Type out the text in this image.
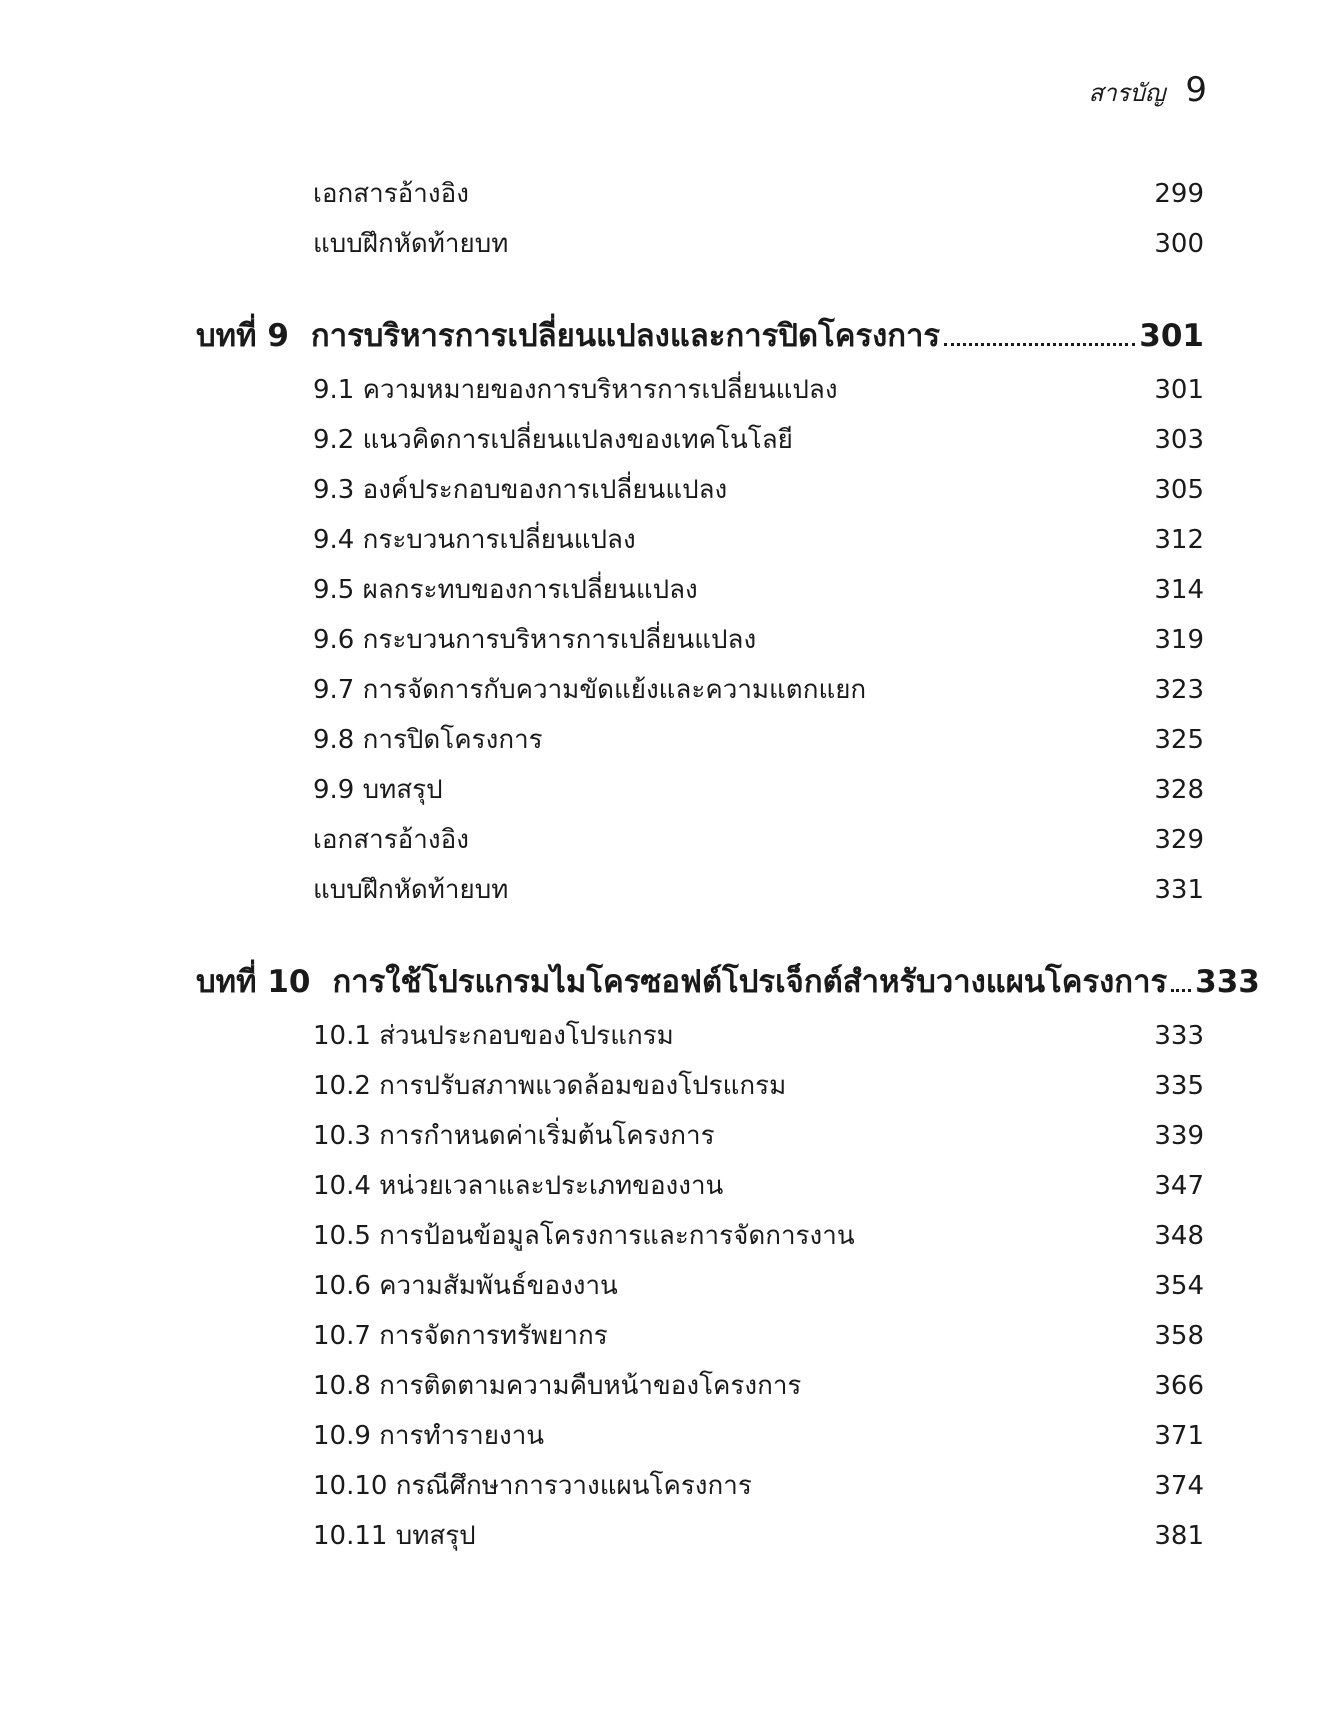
สารบัญ 9
เอกสารอ้างอิง	299
แบบฝึกหัดท้ายบท	300
บทที่ 9 การบริหารการเปลี่ยนแปลงและการปิดโครงการ	301
9.1 ความหมายของการบริหารการเปลี่ยนแปลง	301
9.2 แนวคิดการเปลี่ยนแปลงของเทคโนโลยี	303
9.3 องค์ประกอบของการเปลี่ยนแปลง	305
9.4 กระบวนการเปลี่ยนแปลง	312
9.5 ผลกระทบของการเปลี่ยนแปลง	314
9.6 กระบวนการบริหารการเปลี่ยนแปลง	319
9.7 การจัดการกับความขัดแย้งและความแตกแยก	323
9.8 การปิดโครงการ	325
9.9 บทสรุป	328
เอกสารอ้างอิง	329
แบบฝึกหัดท้ายบท	331
บทที่ 10 การใช้โปรแกรมไมโครซอฟต์โปรเจ็กต์สำหรับวางแผนโครงการ 333
10.1 ส่วนประกอบของโปรแกรม	333
10.2 การปรับสภาพแวดล้อมของโปรแกรม	335
10.3 การกำหนดค่าเริ่มต้นโครงการ	339
10.4 หน่วยเวลาและประเภทของงาน	347
10.5 การป้อนข้อมูลโครงการและการจัดการงาน	348
10.6 ความสัมพันธ์ของงาน	354
10.7 การจัดการทรัพยากร	358
10.8 การติดตามความคืบหน้าของโครงการ	366
10.9 การทำรายงาน	371
10.10 กรณีศึกษาการวางแผนโครงการ	374
10.11 บทสรุป	381
